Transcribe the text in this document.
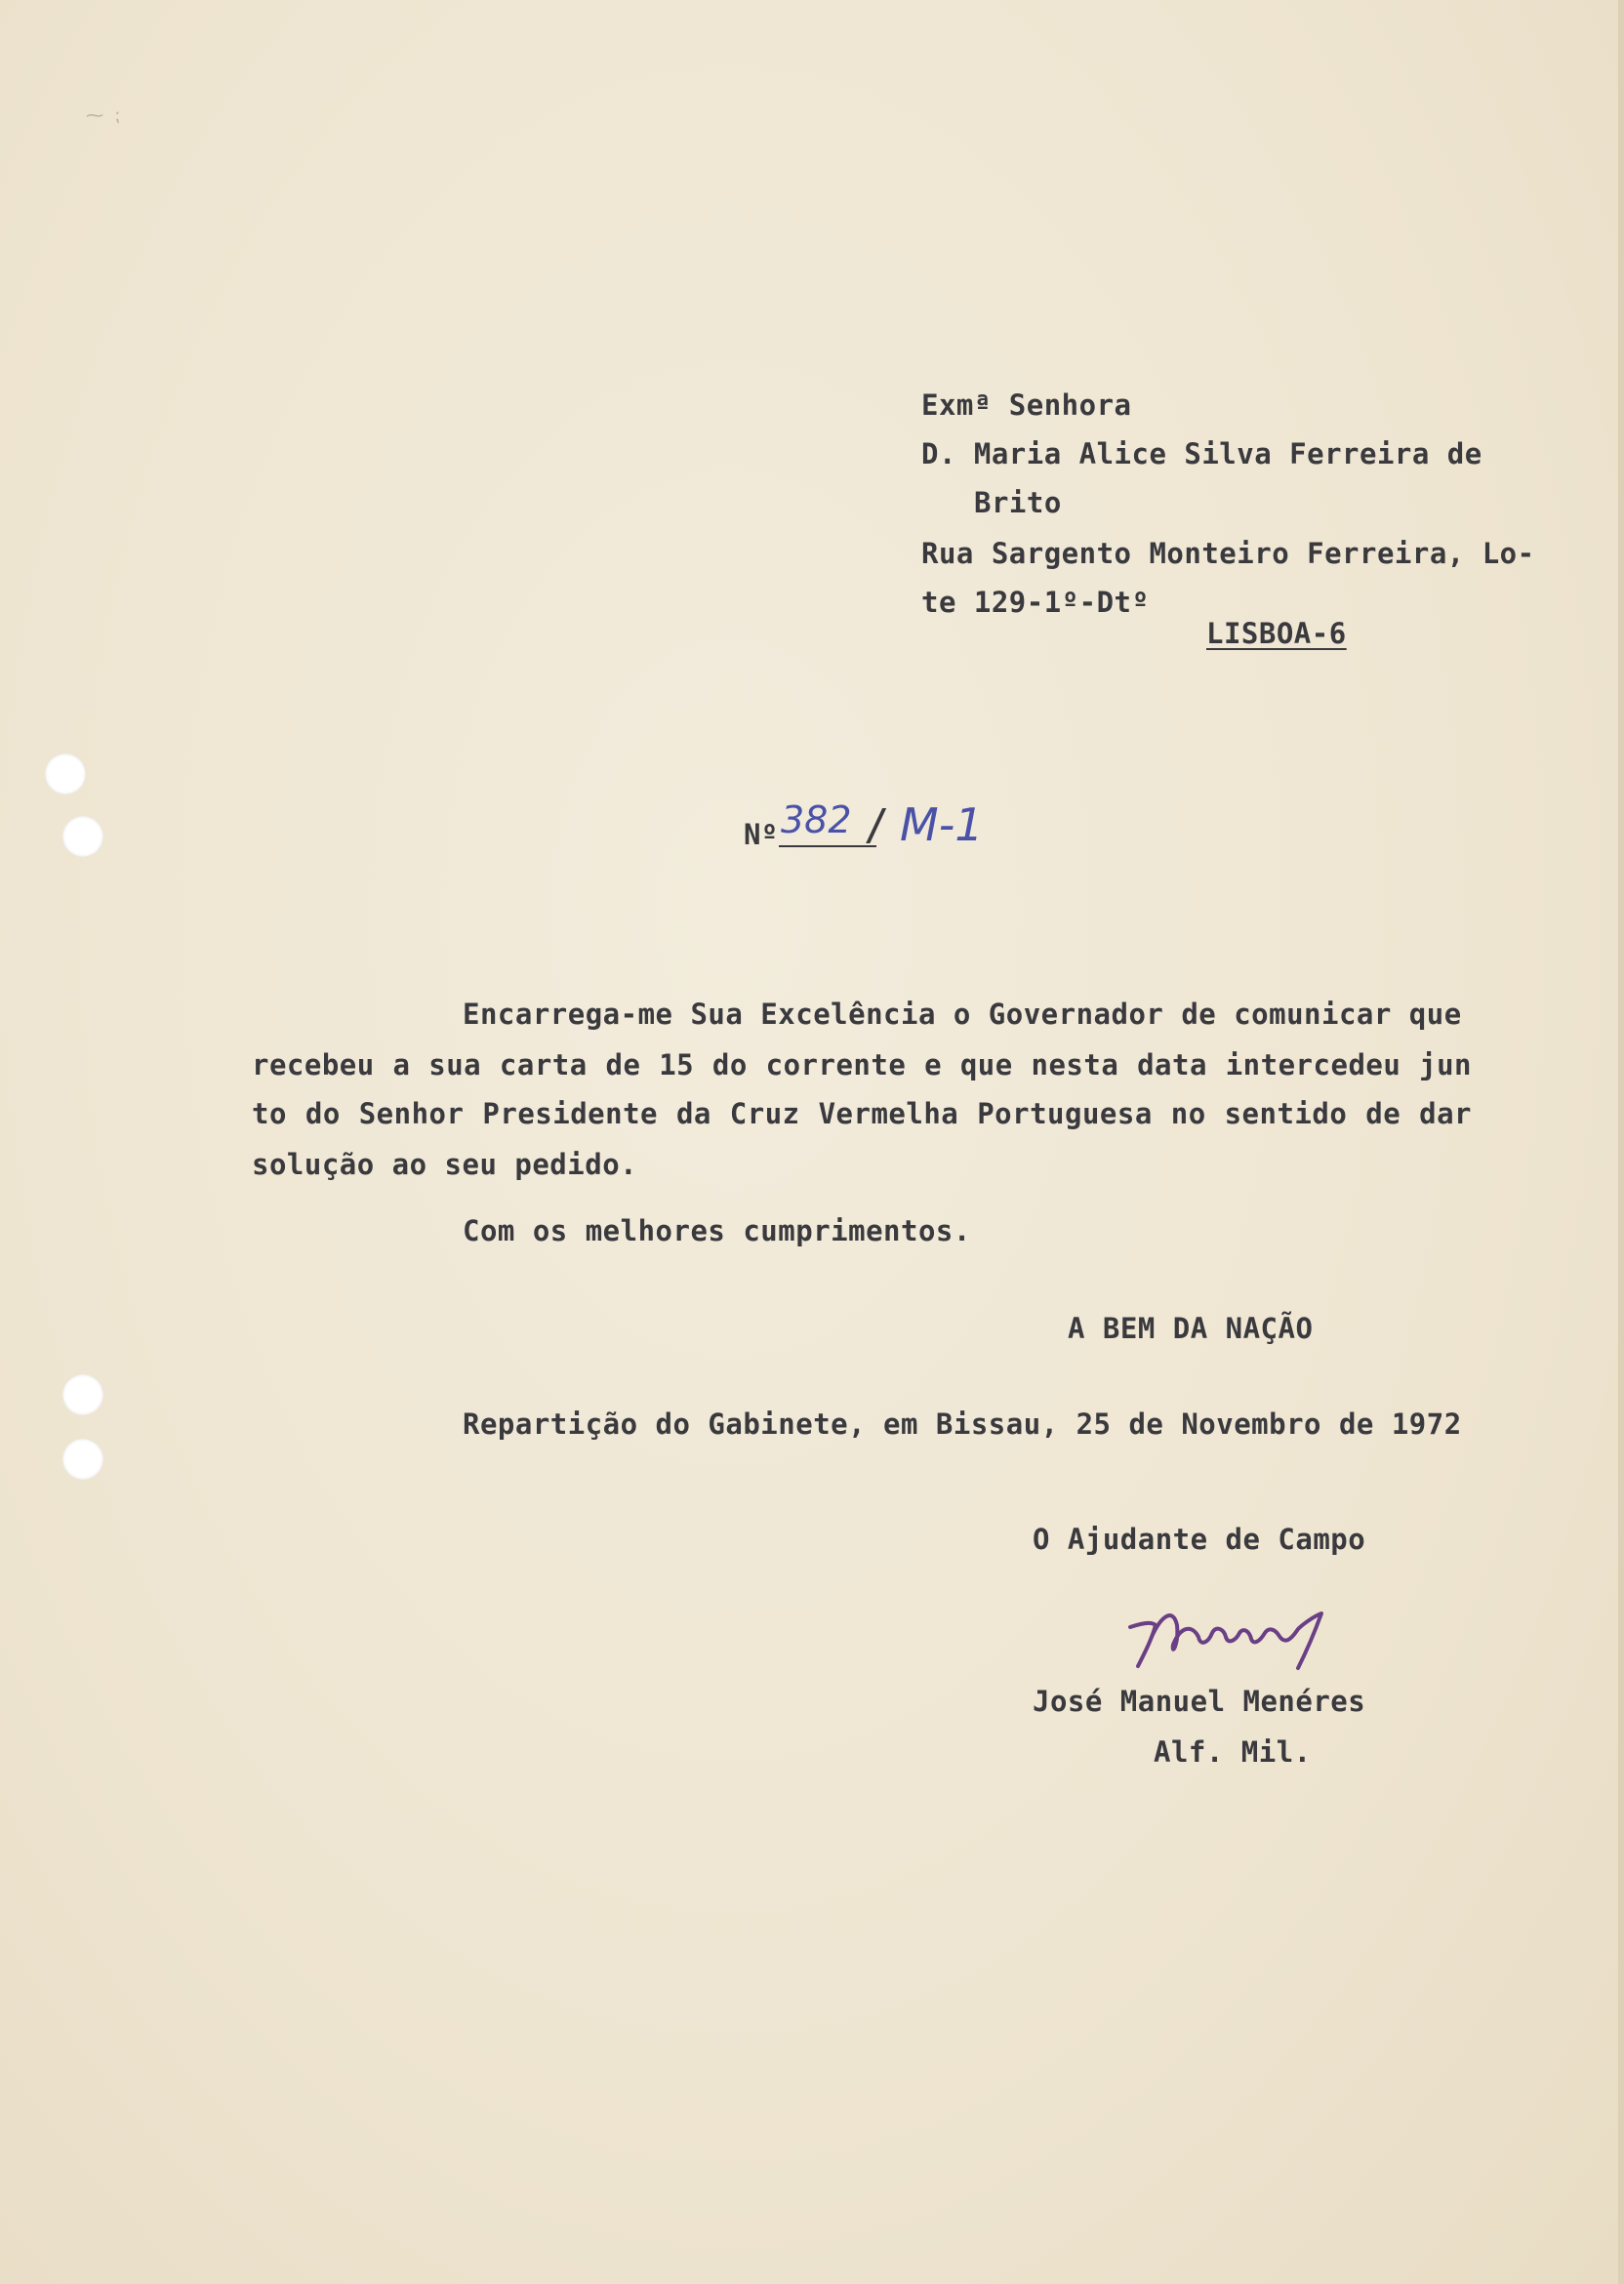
⁓ ⁏
Exmª Senhora
D. Maria Alice Silva Ferreira de
Brito
Rua Sargento Monteiro Ferreira, Lo-
te 129-1º-Dtº
LISBOA-6
Nº 382 / M-1
Encarrega-me Sua Excelência o Governador de comunicar que
recebeu a sua carta de 15 do corrente e que nesta data intercedeu jun
to do Senhor Presidente da Cruz Vermelha Portuguesa no sentido de dar
solução ao seu pedido.
Com os melhores cumprimentos.
A BEM DA NAÇÃO
Repartição do Gabinete, em Bissau, 25 de Novembro de 1972
O Ajudante de Campo
José Manuel Menéres
Alf. Mil.
